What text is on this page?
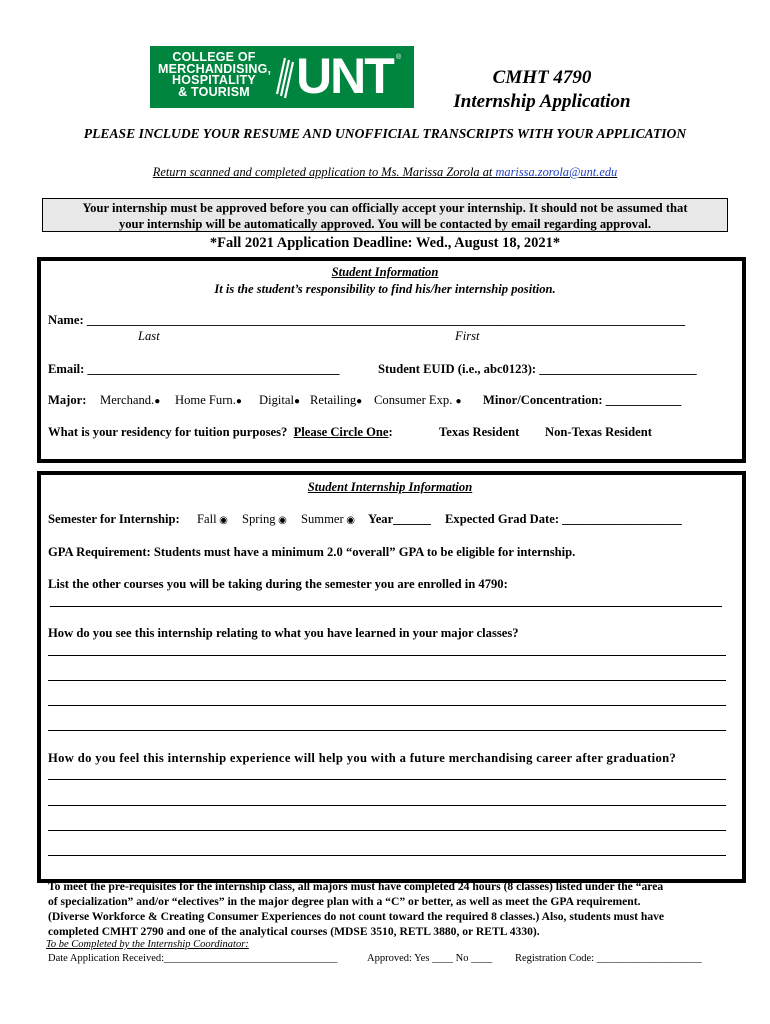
COLLEGE OF
MERCHANDISING,
HOSPITALITY
& TOURISM UNT ®
CMHT 4790
Internship Application
PLEASE INCLUDE YOUR RESUME AND UNOFFICIAL TRANSCRIPTS WITH YOUR APPLICATION
Return scanned and completed application to Ms. Marissa Zorola at marissa.zorola@unt.edu
Your internship must be approved before you can officially accept your internship. It should not be assumed that
your internship will be automatically approved. You will be contacted by email regarding approval.
*Fall 2021 Application Deadline: Wed., August 18, 2021*
Student Information
It is the student’s responsibility to find his/her internship position.
Name: _______________________________________________________________________________________________
Last	First
Email: ________________________________________	Student EUID (i.e., abc0123): _________________________
Major: Merchand.● Home Furn.● Digital● Retailing● Consumer Exp. ● Minor/Concentration: ____________
What is your residency for tuition purposes? Please Circle One:	Texas Resident Non-Texas Resident
Student Internship Information
Semester for Internship: Fall ◉ Spring ◉ Summer ◉ Year______ Expected Grad Date: ___________________
GPA Requirement: Students must have a minimum 2.0 “overall” GPA to be eligible for internship.
List the other courses you will be taking during the semester you are enrolled in 4790:
How do you see this internship relating to what you have learned in your major classes?
How do you feel this internship experience will help you with a future merchandising career after graduation?
To meet the pre-requisites for the internship class, all majors must have completed 24 hours (8 classes) listed under the “area
of specialization” and/or “electives” in the major degree plan with a “C” or better, as well as meet the GPA requirement.
(Diverse Workforce & Creating Consumer Experiences do not count toward the required 8 classes.) Also, students must have
completed CMHT 2790 and one of the analytical courses (MDSE 3510, RETL 3880, or RETL 4330).
To be Completed by the Internship Coordinator:
Date Application Received:_________________________________	Approved: Yes ____ No ____ Registration Code: ____________________
